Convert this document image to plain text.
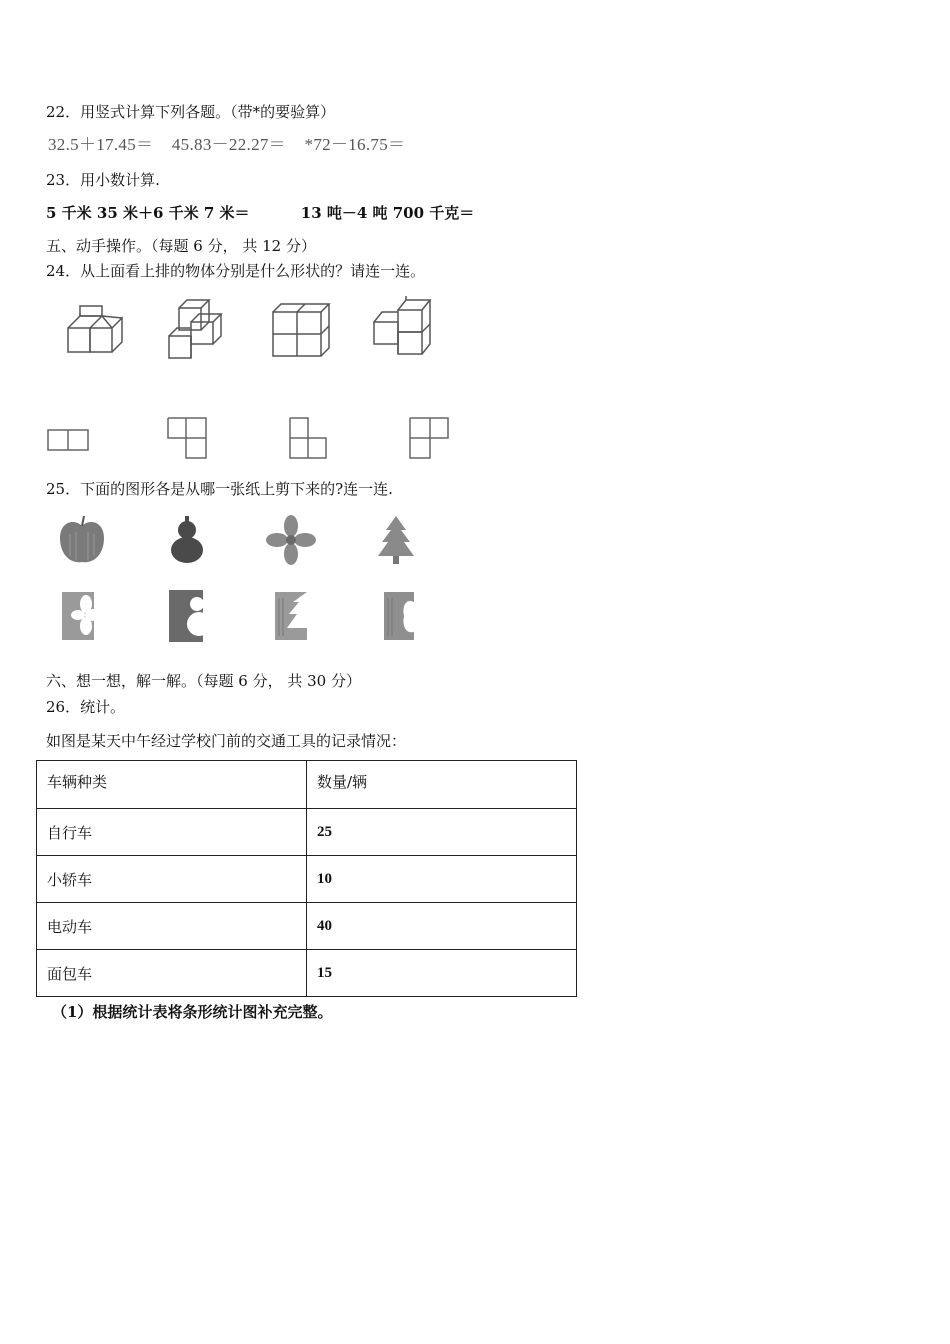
22．用竖式计算下列各题。（带*的要验算）
32.5＋17.45＝ 45.83－22.27＝ *72－16.75＝
23．用小数计算.
5 千米 35 米＋6 千米 7 米＝	13 吨－4 吨 700 千克＝
五、动手操作。（每题 6 分， 共 12 分）
24．从上面看上排的物体分别是什么形状的？请连一连。
25．下面的图形各是从哪一张纸上剪下来的?连一连.
六、想一想，解一解。（每题 6 分， 共 30 分）
26．统计。
如图是某天中午经过学校门前的交通工具的记录情况：
车辆种类	数量/辆
自行车	25
小轿车	10
电动车	40
面包车	15
（1）根据统计表将条形统计图补充完整。
